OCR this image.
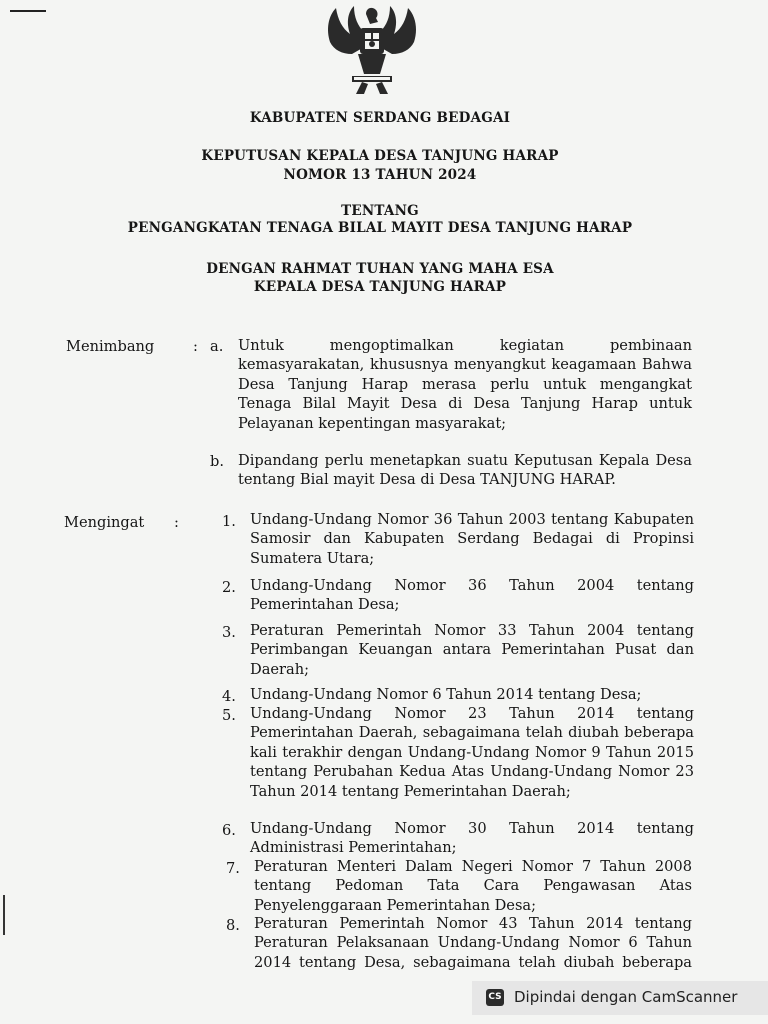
KABUPATEN SERDANG BEDAGAI
KEPUTUSAN KEPALA DESA TANJUNG HARAP
NOMOR 13 TAHUN 2024
TENTANG
PENGANGKATAN TENAGA BILAL MAYIT DESA TANJUNG HARAP
DENGAN RAHMAT TUHAN YANG MAHA ESA
KEPALA DESA TANJUNG HARAP
Menimbang	: a. Untuk mengoptimalkan kegiatan pembinaan kemasyarakatan, khususnya menyangkut keagamaan Bahwa Desa Tanjung Harap merasa perlu untuk mengangkat Tenaga Bilal Mayit Desa di Desa Tanjung Harap untuk Pelayanan kepentingan masyarakat;
b. Dipandang perlu menetapkan suatu Keputusan Kepala Desa tentang Bial mayit Desa di Desa TANJUNG HARAP.
Mengingat :	1. Undang-Undang Nomor 36 Tahun 2003 tentang Kabupaten Samosir dan Kabupaten Serdang Bedagai di Propinsi Sumatera Utara;
2. Undang-Undang Nomor 36 Tahun 2004 tentang Pemerintahan Desa;
3. Peraturan Pemerintah Nomor 33 Tahun 2004 tentang Perimbangan Keuangan antara Pemerintahan Pusat dan Daerah;
4. Undang-Undang Nomor 6 Tahun 2014 tentang Desa;
5. Undang-Undang Nomor 23 Tahun 2014 tentang Pemerintahan Daerah, sebagaimana telah diubah beberapa kali terakhir dengan Undang-Undang Nomor 9 Tahun 2015 tentang Perubahan Kedua Atas Undang-Undang Nomor 23 Tahun 2014 tentang Pemerintahan Daerah;
6. Undang-Undang Nomor 30 Tahun 2014 tentang Administrasi Pemerintahan;
7. Peraturan Menteri Dalam Negeri Nomor 7 Tahun 2008 tentang Pedoman Tata Cara Pengawasan Atas Penyelenggaraan Pemerintahan Desa;
8. Peraturan Pemerintah Nomor 43 Tahun 2014 tentang Peraturan Pelaksanaan Undang-Undang Nomor 6 Tahun 2014 tentang Desa, sebagaimana telah diubah beberapa
CS Dipindai dengan CamScanner
